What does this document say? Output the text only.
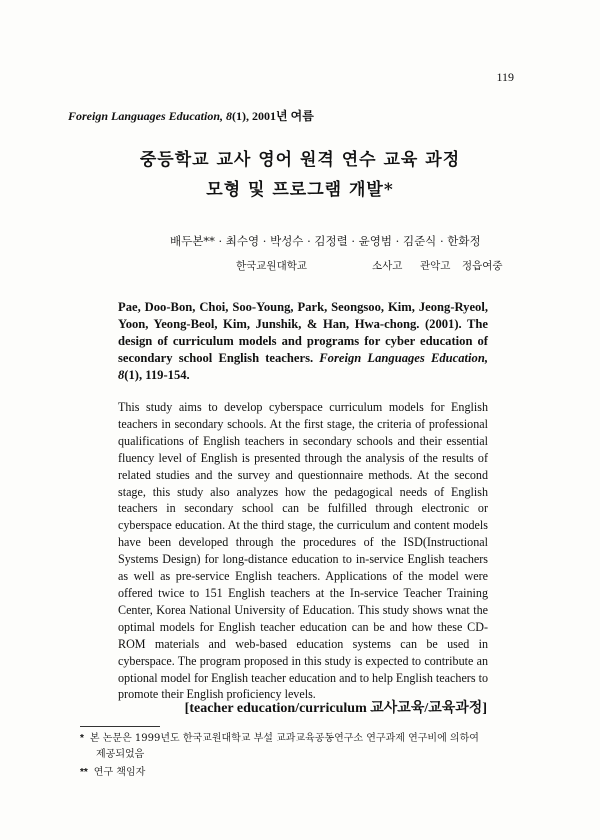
119
Foreign Languages Education, 8(1), 2001년 여름
중등학교 교사 영어 원격 연수 교육 과정
모형 및 프로그램 개발*
배두본** · 최수영 · 박성수 · 김정렬 · 윤영범 · 김준식 · 한화정
한국교원대학교	소사고 관악고 정읍여중
Pae, Doo-Bon, Choi, Soo-Young, Park, Seongsoo, Kim, Jeong-Ryeol, Yoon, Yeong-Beol, Kim, Junshik, & Han, Hwa-chong. (2001). The design of curriculum models and programs for cyber education of secondary school English teachers. Foreign Languages Education, 8(1), 119-154.
This study aims to develop cyberspace curriculum models for English teachers in secondary schools. At the first stage, the criteria of professional qualifications of English teachers in secondary schools and their essential fluency level of English is presented through the analysis of the results of related studies and the survey and questionnaire methods. At the second stage, this study also analyzes how the pedagogical needs of English teachers in secondary school can be fulfilled through electronic or cyberspace education. At the third stage, the curriculum and content models have been developed through the procedures of the ISD(Instructional Systems Design) for long-distance education to in-service English teachers as well as pre-service English teachers. Applications of the model were offered twice to 151 English teachers at the In-service Teacher Training Center, Korea National University of Education. This study shows wnat the optimal models for English teacher education can be and how these CD-ROM materials and web-based education systems can be used in cyberspace. The program proposed in this study is expected to contribute an optional model for English teacher education and to help English teachers to promote their English proficiency levels.
[teacher education/curriculum 교사교육/교육과정]
* 본 논문은 1999년도 한국교원대학교 부설 교과교육공동연구소 연구과제 연구비에 의하여
제공되었음
** 연구 책임자
